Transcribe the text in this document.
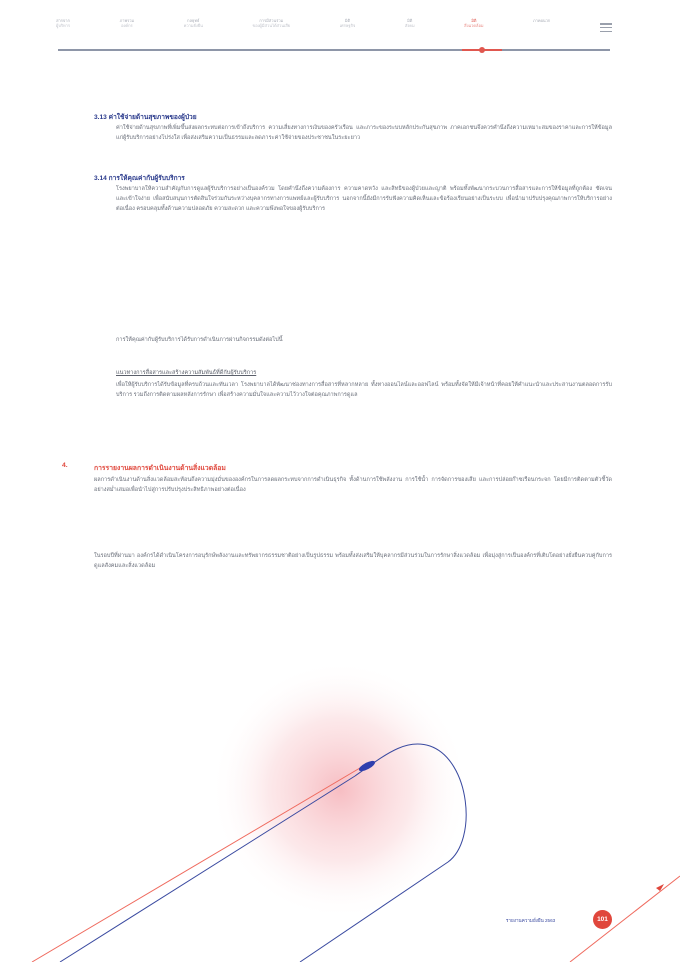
สารจาก
ผู้บริหาร
ภาพรวม
องค์กร
กลยุทธ์
ความยั่งยืน
การมีส่วนร่วม
ของผู้มีส่วนได้ส่วนเสีย
มิติ
เศรษฐกิจ
มิติ
สังคม
มิติ
สิ่งแวดล้อม
ภาคผนวก
3.13 ค่าใช้จ่ายด้านสุขภาพของผู้ป่วย

ค่าใช้จ่ายด้านสุขภาพที่เพิ่มขึ้นส่งผลกระทบต่อการเข้าถึงบริการ ความเสี่ยงทางการเงินของครัวเรือน และภาระของระบบหลักประกันสุขภาพ ภาคเอกชนจึงควรคำนึงถึงความเหมาะสมของราคาและการให้ข้อมูลแก่ผู้รับบริการอย่างโปร่งใส เพื่อส่งเสริมความเป็นธรรมและลดภาระค่าใช้จ่ายของประชาชนในระยะยาว

3.14 การให้คุณค่ากับผู้รับบริการ

โรงพยาบาลให้ความสำคัญกับการดูแลผู้รับบริการอย่างเป็นองค์รวม โดยคำนึงถึงความต้องการ ความคาดหวัง และสิทธิของผู้ป่วยและญาติ พร้อมทั้งพัฒนากระบวนการสื่อสารและการให้ข้อมูลที่ถูกต้อง ชัดเจน และเข้าใจง่าย เพื่อสนับสนุนการตัดสินใจร่วมกันระหว่างบุคลากรทางการแพทย์และผู้รับบริการ นอกจากนี้ยังมีการรับฟังความคิดเห็นและข้อร้องเรียนอย่างเป็นระบบ เพื่อนำมาปรับปรุงคุณภาพการให้บริการอย่างต่อเนื่อง ครอบคลุมทั้งด้านความปลอดภัย ความสะดวก และความพึงพอใจของผู้รับบริการ

การให้คุณค่ากับผู้รับบริการได้รับการดำเนินการผ่านกิจกรรมดังต่อไปนี้

แนวทางการสื่อสารและสร้างความสัมพันธ์ที่ดีกับผู้รับบริการ

เพื่อให้ผู้รับบริการได้รับข้อมูลที่ครบถ้วนและทันเวลา โรงพยาบาลได้พัฒนาช่องทางการสื่อสารที่หลากหลาย ทั้งทางออนไลน์และออฟไลน์ พร้อมทั้งจัดให้มีเจ้าหน้าที่คอยให้คำแนะนำและประสานงานตลอดการรับบริการ รวมถึงการติดตามผลหลังการรักษา เพื่อสร้างความมั่นใจและความไว้วางใจต่อคุณภาพการดูแล

4.	การรายงานผลการดำเนินงานด้านสิ่งแวดล้อม

ผลการดำเนินงานด้านสิ่งแวดล้อมสะท้อนถึงความมุ่งมั่นขององค์กรในการลดผลกระทบจากการดำเนินธุรกิจ ทั้งด้านการใช้พลังงาน การใช้น้ำ การจัดการของเสีย และการปล่อยก๊าซเรือนกระจก โดยมีการติดตามตัวชี้วัดอย่างสม่ำเสมอเพื่อนำไปสู่การปรับปรุงประสิทธิภาพอย่างต่อเนื่อง

ในรอบปีที่ผ่านมา องค์กรได้ดำเนินโครงการอนุรักษ์พลังงานและทรัพยากรธรรมชาติอย่างเป็นรูปธรรม พร้อมทั้งส่งเสริมให้บุคลากรมีส่วนร่วมในการรักษาสิ่งแวดล้อม เพื่อมุ่งสู่การเป็นองค์กรที่เติบโตอย่างยั่งยืนควบคู่กับการดูแลสังคมและสิ่งแวดล้อม

รายงานความยั่งยืน 2563	101
